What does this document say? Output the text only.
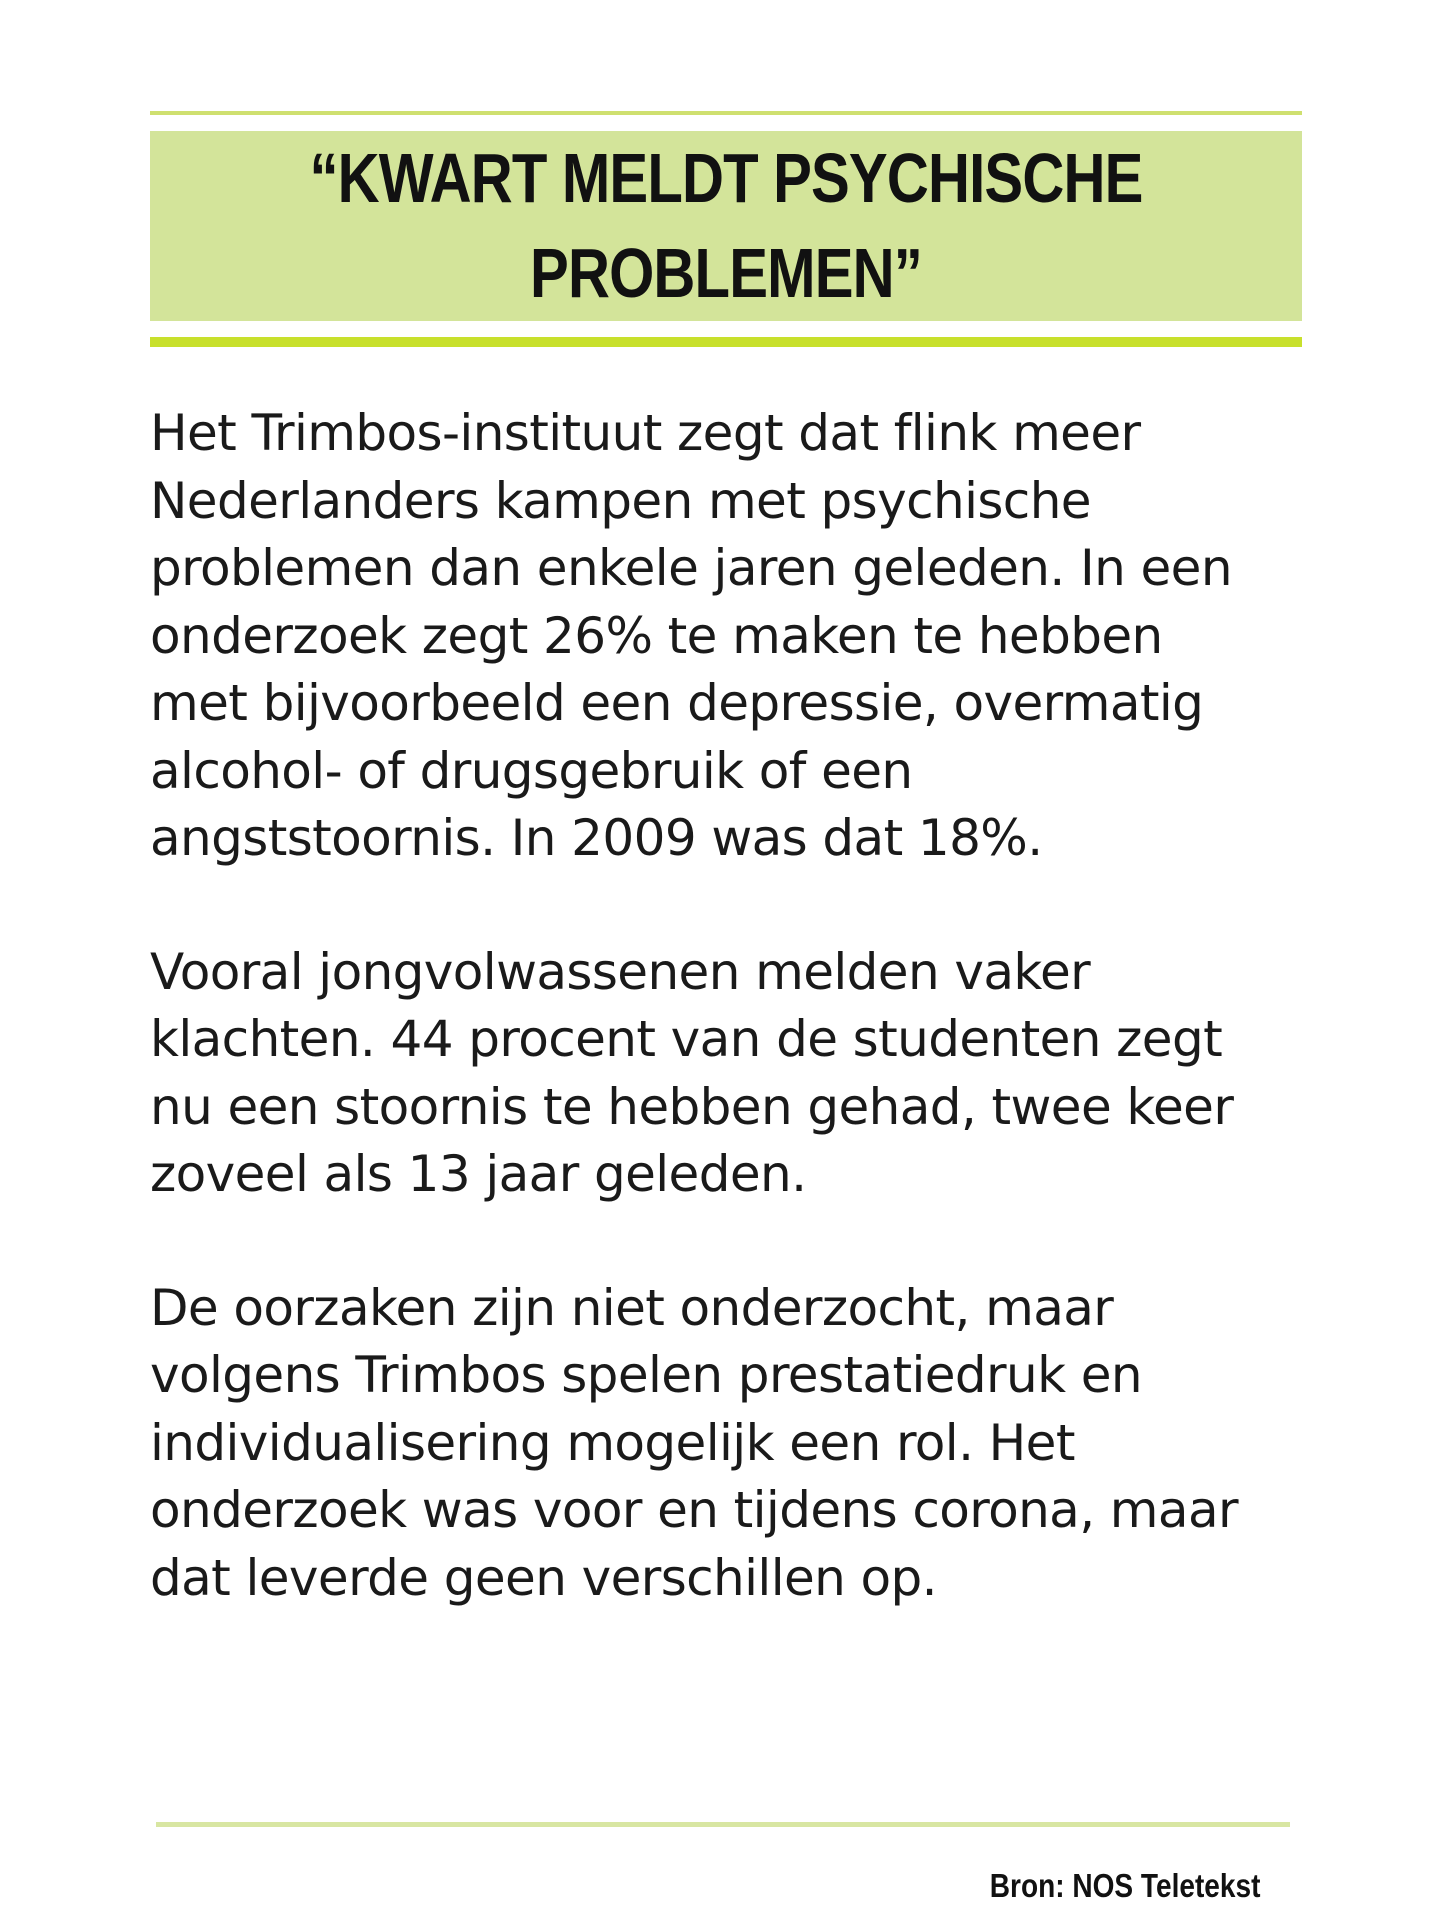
“KWART MELDT PSYCHISCHE PROBLEMEN”

Het Trimbos-instituut zegt dat flink meer
Nederlanders kampen met psychische
problemen dan enkele jaren geleden. In een
onderzoek zegt 26% te maken te hebben
met bijvoorbeeld een depressie, overmatig
alcohol- of drugsgebruik of een
angststoornis. In 2009 was dat 18%.

Vooral jongvolwassenen melden vaker
klachten. 44 procent van de studenten zegt
nu een stoornis te hebben gehad, twee keer
zoveel als 13 jaar geleden.

De oorzaken zijn niet onderzocht, maar
volgens Trimbos spelen prestatiedruk en
individualisering mogelijk een rol. Het
onderzoek was voor en tijdens corona, maar
dat leverde geen verschillen op.

Bron: NOS Teletekst
